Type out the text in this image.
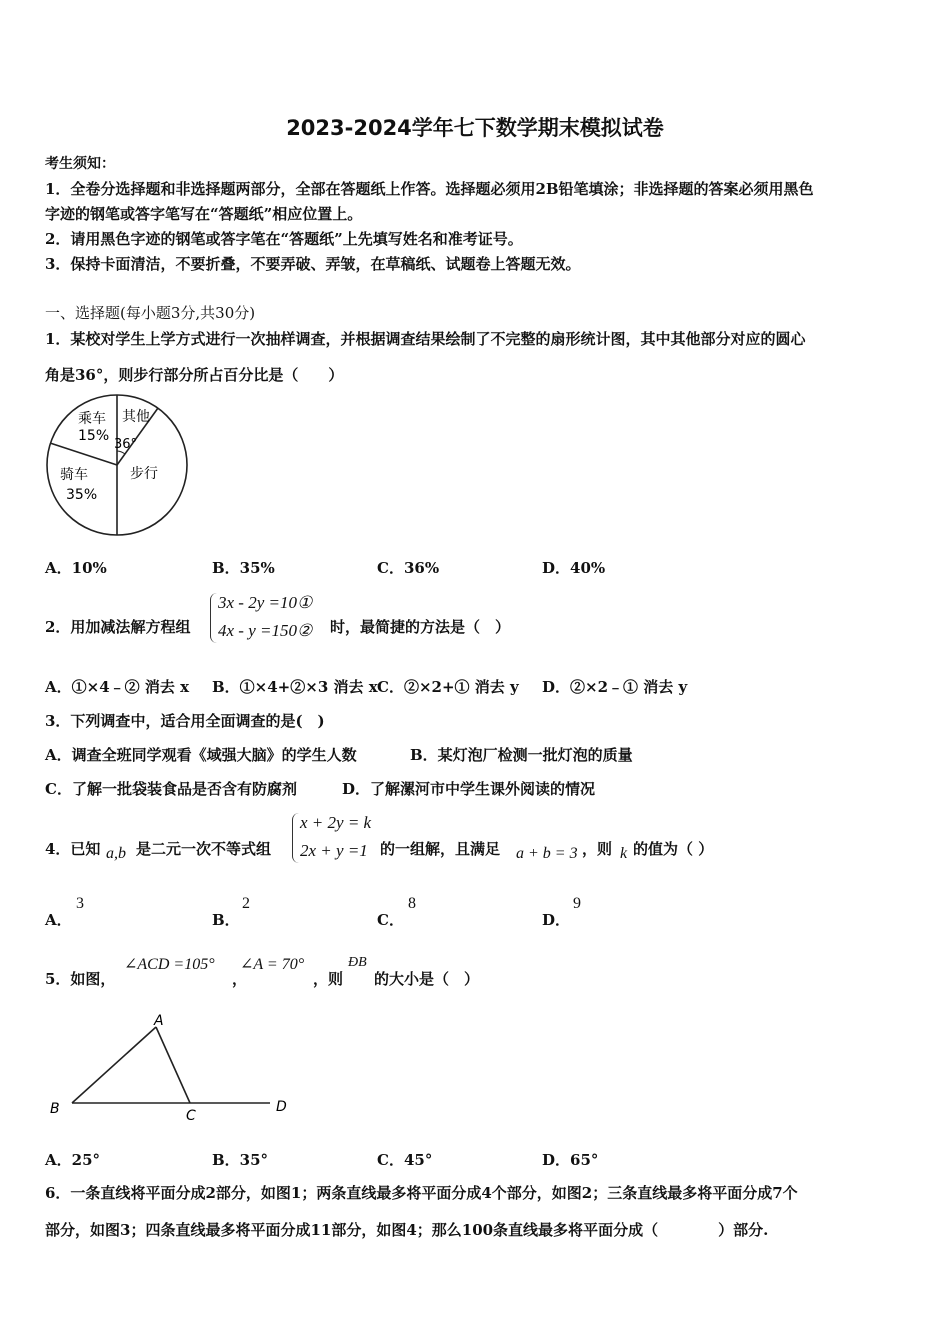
2023-2024学年七下数学期末模拟试卷
考生须知：
1．全卷分选择题和非选择题两部分，全部在答题纸上作答。选择题必须用2B铅笔填涂；非选择题的答案必须用黑色
字迹的钢笔或答字笔写在“答题纸”相应位置上。
2．请用黑色字迹的钢笔或答字笔在“答题纸”上先填写姓名和准考证号。
3．保持卡面清洁，不要折叠，不要弄破、弄皱，在草稿纸、试题卷上答题无效。
一、选择题(每小题3分,共30分)
1．某校对学生上学方式进行一次抽样调查，并根据调查结果绘制了不完整的扇形统计图，其中其他部分对应的圆心
角是36°，则步行部分所占百分比是（　　）
乘车
15%
其他
36°
骑车
35%
步行
A．10%	B．35%	C．36%	D．40%
2．用加减法解方程组
3x - 2y =10①
4x - y =150② 时，最简捷的方法是（　）
A．①×4﹣② 消去 x B．①×4+②×3 消去 x C．②×2+① 消去 y D．②×2﹣① 消去 y
3．下列调查中，适合用全面调查的是(　)
A．调查全班同学观看《域强大脑》的学生人数	B．某灯泡厂检测一批灯泡的质量
C．了解一批袋装食品是否含有防腐剂	D．了解漯河市中学生课外阅读的情况
4．已知 a,b 是二元一次不等式组
x + 2y = k
2x + y =1 的一组解，且满足 a + b = 3 ，则 k 的值为（ ）
A．
3
B．
2
C．
8
D．
9
5．如图，
∠ACD =105°
，
∠A = 70°
，则
ÐB
的大小是（　）
A
B	C
D
A．25°	B．35°	C．45°	D．65°
6．一条直线将平面分成2部分，如图1；两条直线最多将平面分成4个部分，如图2；三条直线最多将平面分成7个
部分，如图3；四条直线最多将平面分成11部分，如图4；那么100条直线最多将平面分成（　　　　）部分.
